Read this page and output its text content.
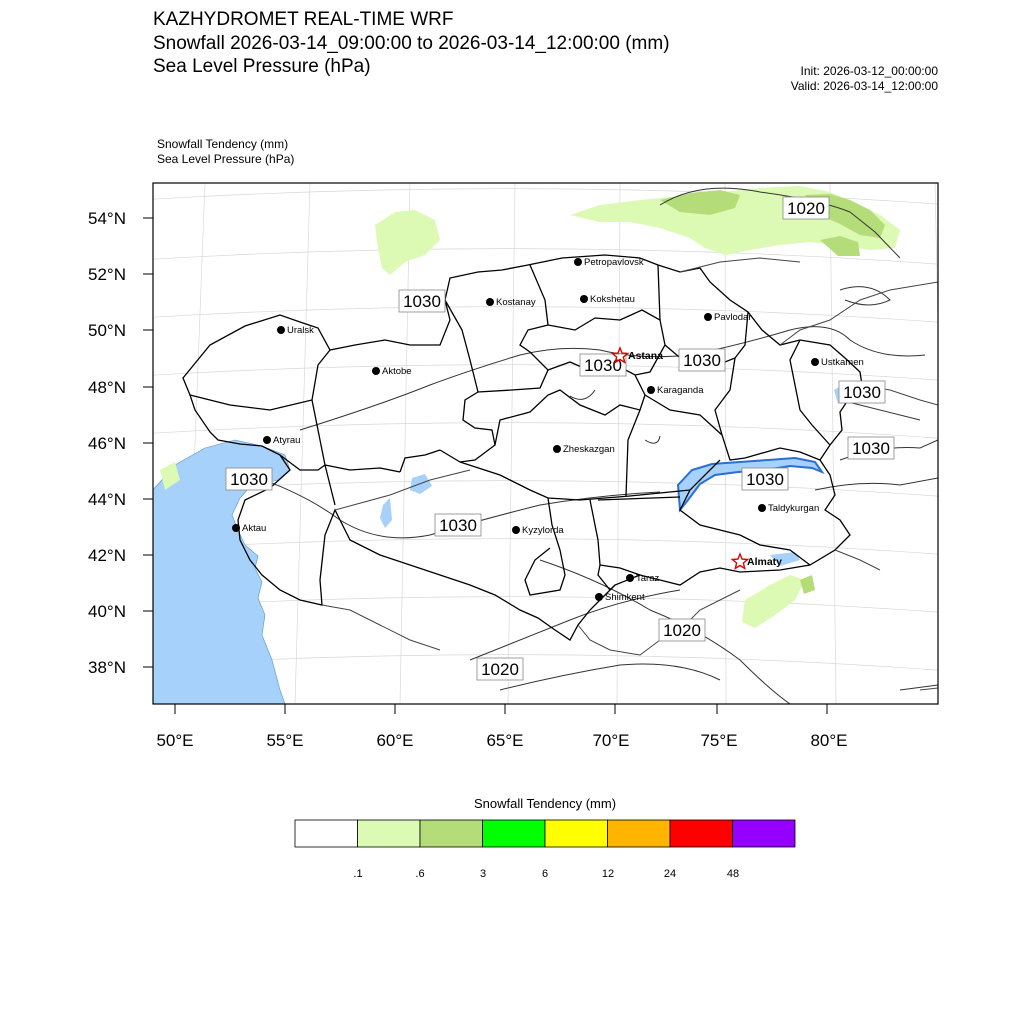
KAZHYDROMET REAL-TIME WRF
Snowfall 2026-03-14_09:00:00 to 2026-03-14_12:00:00 (mm)
Sea Level Pressure (hPa)	Init: 2026-03-12_00:00:00
Valid: 2026-03-14_12:00:00
Snowfall Tendency (mm)
Sea Level Pressure (hPa)
54°N
52°N
50°N
48°N
46°N
44°N
42°N
40°N
38°N
50°E	55°E	60°E	65°E	70°E	75°E	80°E
1020
1030
1030	1030
1030
1030
1030	1030
1030
1020
1020
Petropavlovsk
Kostanay	Kokshetau
Pavlodar
Uralsk
Aktobe
Astana
Ustkamen
Karaganda
Atyrau
Zheskazgan
Aktau	Kyzylorda
Taldykurgan
Almaty
Taraz
Shimkent
.1	.6	3	6	12	24	48
Snowfall Tendency (mm)
